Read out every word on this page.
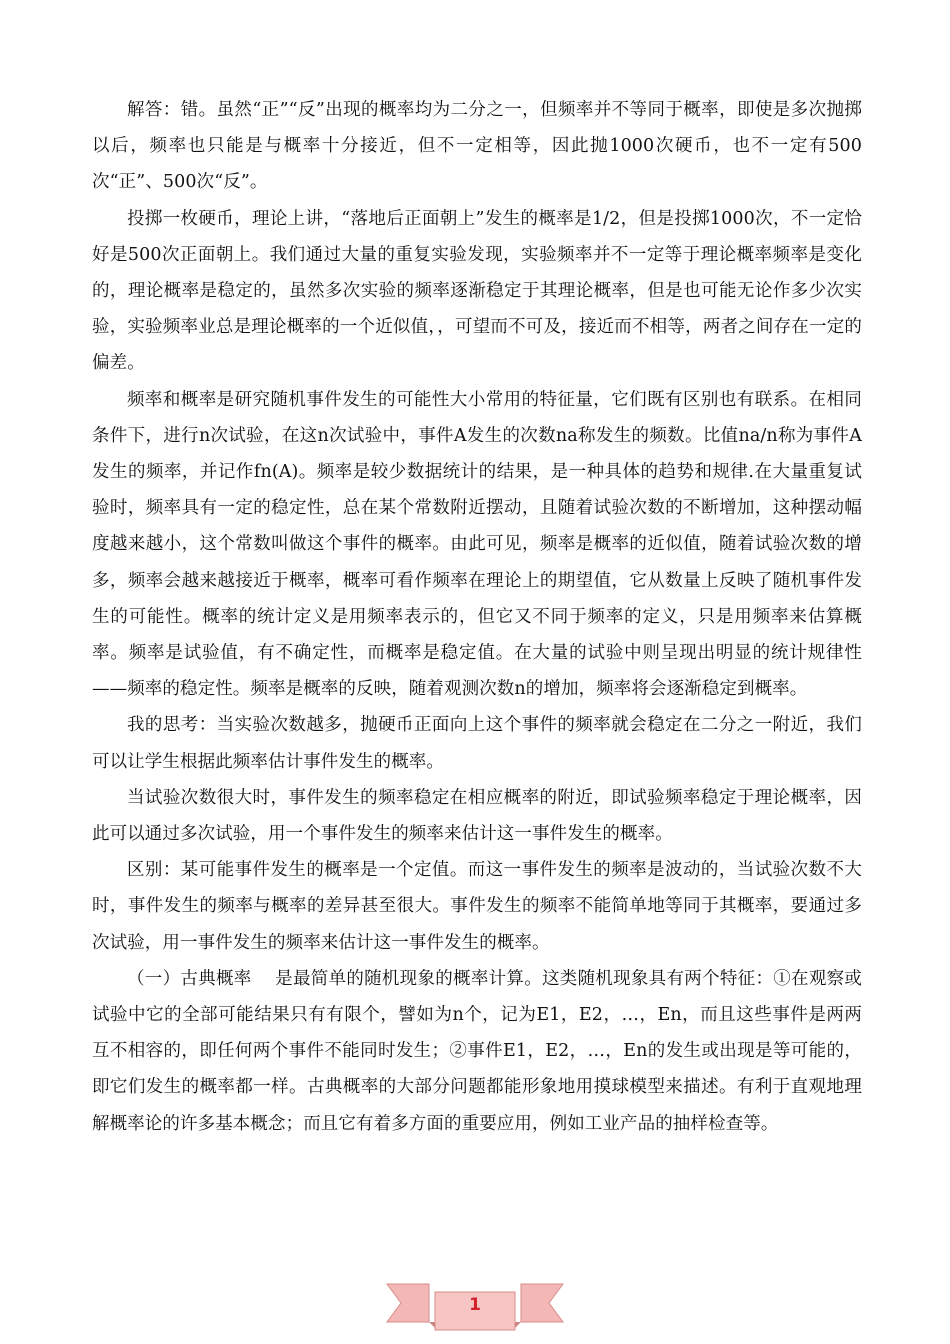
解答：错。虽然“正”“反”出现的概率均为二分之一，但频率并不等同于概率，即使是多次抛掷以后，频率也只能是与概率十分接近，但不一定相等，因此抛1000次硬币，也不一定有500次“正”、500次“反”。

投掷一枚硬币，理论上讲，“落地后正面朝上”发生的概率是1/2，但是投掷1000次，不一定恰好是500次正面朝上。我们通过大量的重复实验发现，实验频率并不一定等于理论概率频率是变化的，理论概率是稳定的，虽然多次实验的频率逐渐稳定于其理论概率，但是也可能无论作多少次实验，实验频率业总是理论概率的一个近似值，，可望而不可及，接近而不相等，两者之间存在一定的偏差。

频率和概率是研究随机事件发生的可能性大小常用的特征量，它们既有区别也有联系。在相同条件下，进行n次试验，在这n次试验中，事件A发生的次数na称发生的频数。比值na/n称为事件A发生的频率，并记作fn(A)。频率是较少数据统计的结果，是一种具体的趋势和规律.在大量重复试验时，频率具有一定的稳定性，总在某个常数附近摆动，且随着试验次数的不断增加，这种摆动幅度越来越小，这个常数叫做这个事件的概率。由此可见，频率是概率的近似值，随着试验次数的增多，频率会越来越接近于概率，概率可看作频率在理论上的期望值，它从数量上反映了随机事件发生的可能性。概率的统计定义是用频率表示的，但它又不同于频率的定义，只是用频率来估算概率。频率是试验值，有不确定性，而概率是稳定值。在大量的试验中则呈现出明显的统计规律性——频率的稳定性。频率是概率的反映，随着观测次数n的增加，频率将会逐渐稳定到概率。

我的思考：当实验次数越多，抛硬币正面向上这个事件的频率就会稳定在二分之一附近，我们可以让学生根据此频率估计事件发生的概率。

当试验次数很大时，事件发生的频率稳定在相应概率的附近，即试验频率稳定于理论概率，因此可以通过多次试验，用一个事件发生的频率来估计这一事件发生的概率。

区别：某可能事件发生的概率是一个定值。而这一事件发生的频率是波动的，当试验次数不大时，事件发生的频率与概率的差异甚至很大。事件发生的频率不能简单地等同于其概率，要通过多次试验，用一事件发生的频率来估计这一事件发生的概率。

（一）古典概率　 是最简单的随机现象的概率计算。这类随机现象具有两个特征：①在观察或试验中它的全部可能结果只有有限个，譬如为n个，记为E1，E2，…，En，而且这些事件是两两互不相容的，即任何两个事件不能同时发生；②事件E1，E2，…，En的发生或出现是等可能的，即它们发生的概率都一样。古典概率的大部分问题都能形象地用摸球模型来描述。有利于直观地理解概率论的许多基本概念；而且它有着多方面的重要应用，例如工业产品的抽样检查等。

1
